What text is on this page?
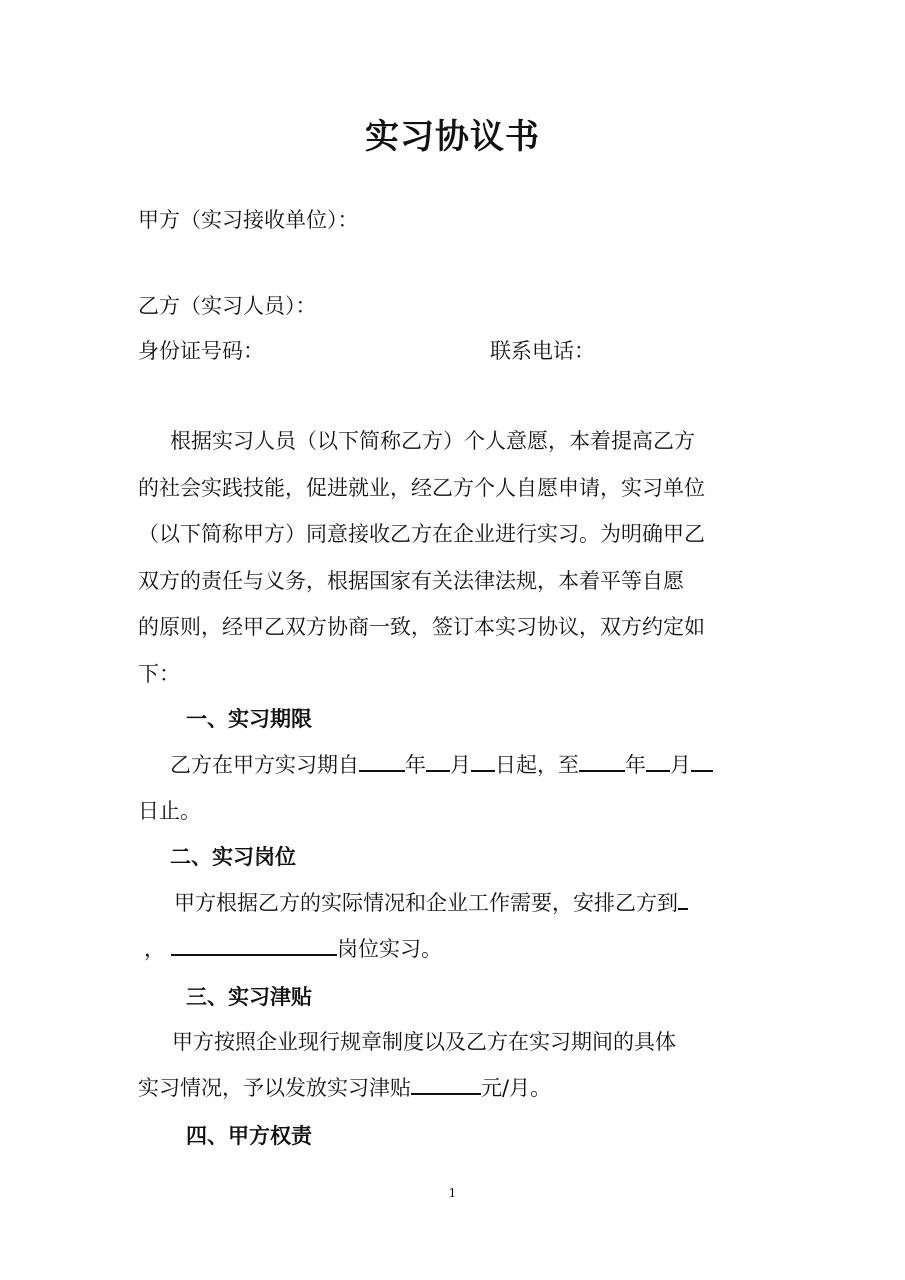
实习协议书
甲方（实习接收单位）：
乙方（实习人员）：
身份证号码：	联系电话：

根据实习人员（以下简称乙方）个人意愿，本着提高乙方

的社会实践技能，促进就业，经乙方个人自愿申请，实习单位

（以下简称甲方）同意接收乙方在企业进行实习。为明确甲乙

双方的责任与义务，根据国家有关法律法规，本着平等自愿

的原则，经甲乙双方协商一致，签订本实习协议，双方约定如

下：

一、实习期限
乙方在甲方实习期自 年 月 日起，至 年 月
日止。
二、实习岗位
甲方根据乙方的实际情况和企业工作需要，安排乙方到
，	岗位实习。
三、实习津贴
甲方按照企业现行规章制度以及乙方在实习期间的具体
实习情况，予以发放实习津贴	元/月。
四、甲方权责
1
